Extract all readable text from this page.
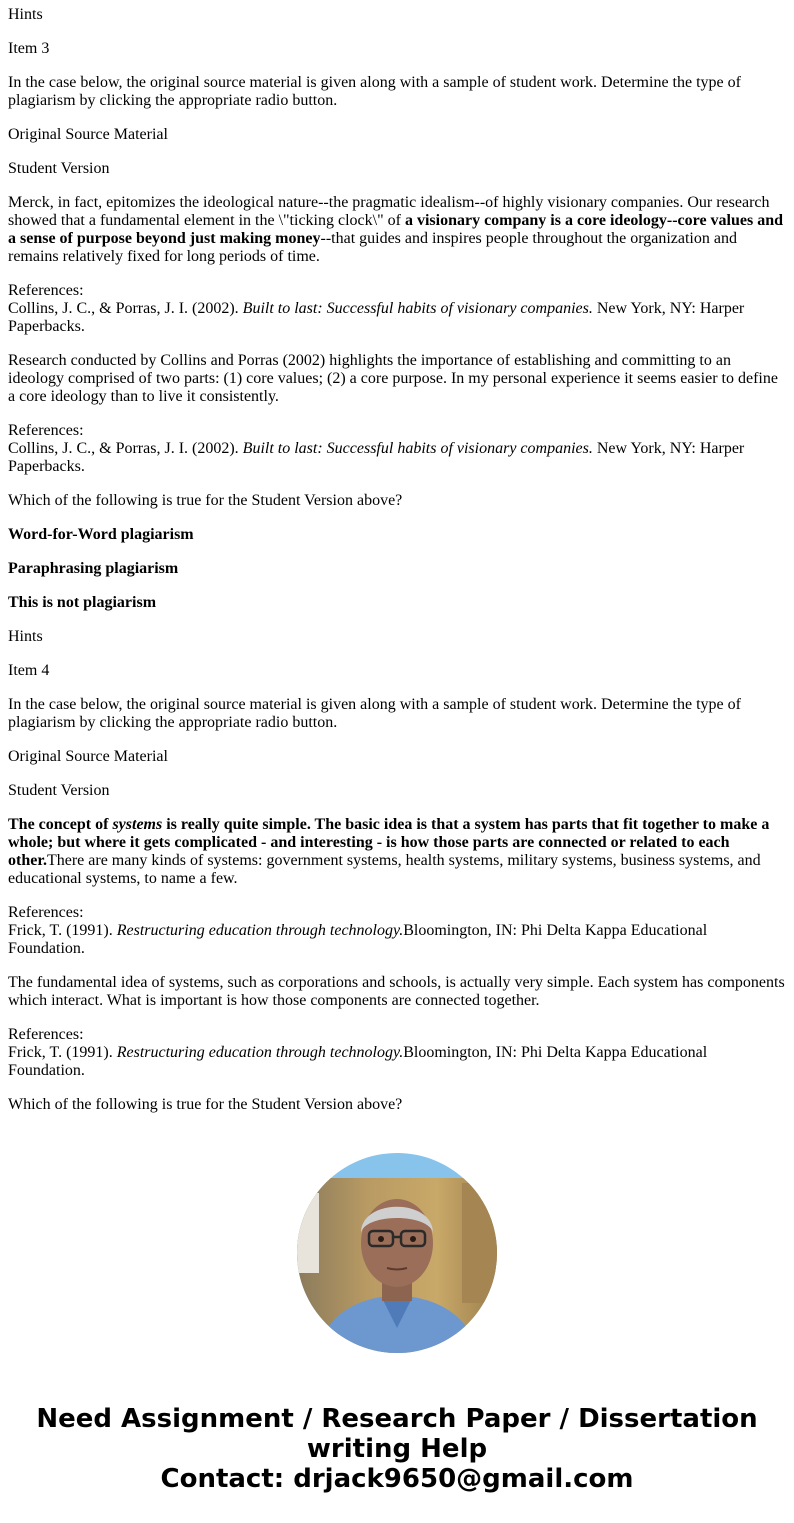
Hints

Item 3

In the case below, the original source material is given along with a sample of student work. Determine the type of plagiarism by clicking the appropriate radio button.

Original Source Material

Student Version

Merck, in fact, epitomizes the ideological nature--the pragmatic idealism--of highly visionary companies. Our research showed that a fundamental element in the \"ticking clock\" of a visionary company is a core ideology--core values and a sense of purpose beyond just making money--that guides and inspires people throughout the organization and remains relatively fixed for long periods of time.

References:
Collins, J. C., & Porras, J. I. (2002). Built to last: Successful habits of visionary companies. New York, NY: Harper Paperbacks.

Research conducted by Collins and Porras (2002) highlights the importance of establishing and committing to an ideology comprised of two parts: (1) core values; (2) a core purpose. In my personal experience it seems easier to define a core ideology than to live it consistently.

References:
Collins, J. C., & Porras, J. I. (2002). Built to last: Successful habits of visionary companies. New York, NY: Harper Paperbacks.

Which of the following is true for the Student Version above?

Word-for-Word plagiarism

Paraphrasing plagiarism

This is not plagiarism

Hints

Item 4

In the case below, the original source material is given along with a sample of student work. Determine the type of plagiarism by clicking the appropriate radio button.

Original Source Material

Student Version

The concept of systems is really quite simple. The basic idea is that a system has parts that fit together to make a whole; but where it gets complicated - and interesting - is how those parts are connected or related to each other.There are many kinds of systems: government systems, health systems, military systems, business systems, and educational systems, to name a few.

References:
Frick, T. (1991). Restructuring education through technology.Bloomington, IN: Phi Delta Kappa Educational Foundation.

The fundamental idea of systems, such as corporations and schools, is actually very simple. Each system has components which interact. What is important is how those components are connected together.

References:
Frick, T. (1991). Restructuring education through technology.Bloomington, IN: Phi Delta Kappa Educational Foundation.

Which of the following is true for the Student Version above?

Need Assignment / Research Paper / Dissertation
writing Help
Contact: drjack9650@gmail.com
